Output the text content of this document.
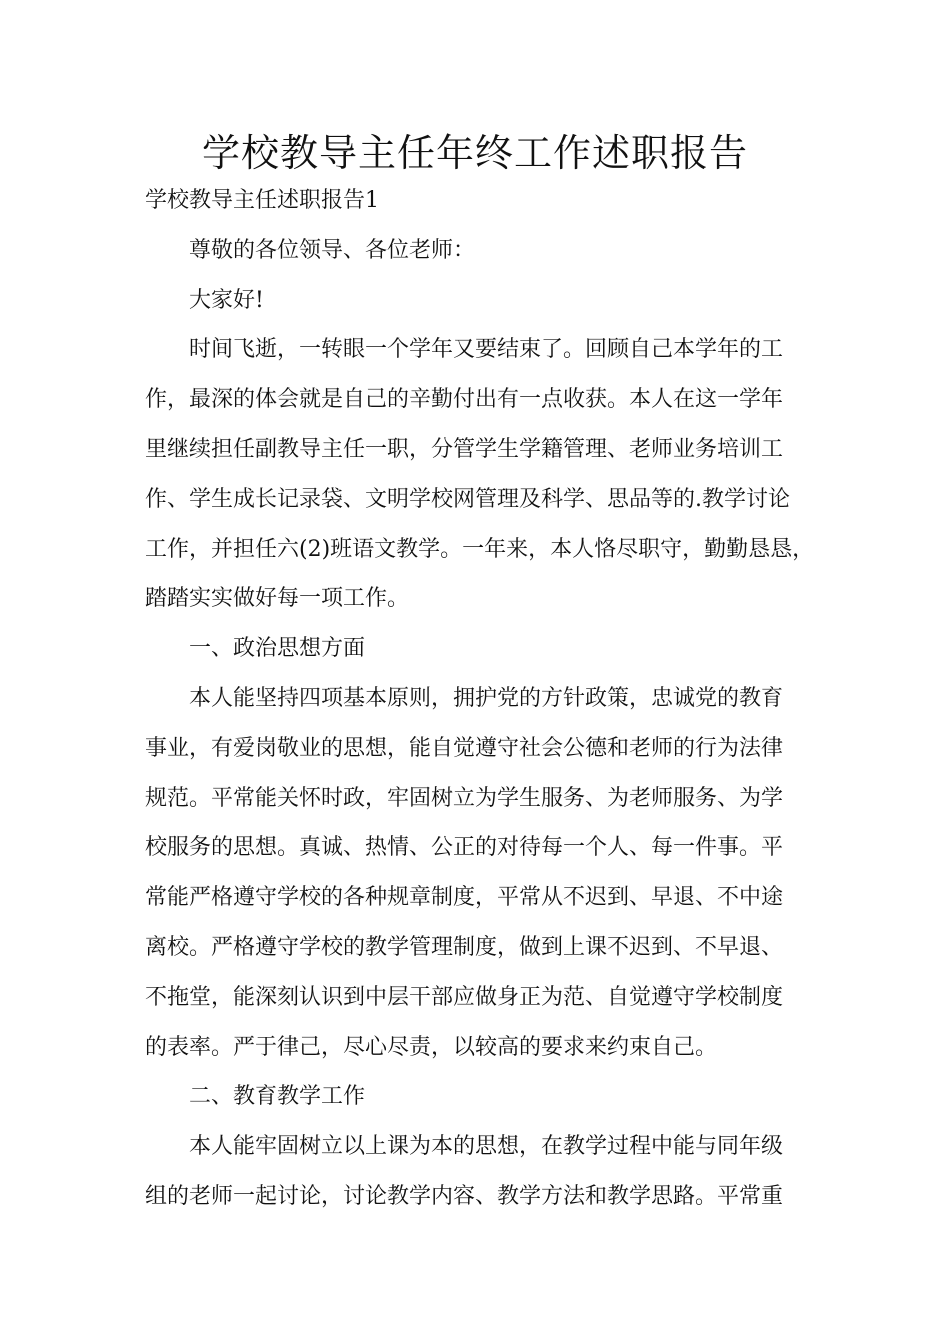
学校教导主任年终工作述职报告

学校教导主任述职报告1

尊敬的各位领导、各位老师：

大家好!

时间飞逝，一转眼一个学年又要结束了。回顾自己本学年的工

作，最深的体会就是自己的辛勤付出有一点收获。本人在这一学年

里继续担任副教导主任一职，分管学生学籍管理、老师业务培训工

作、学生成长记录袋、文明学校网管理及科学、思品等的.教学讨论

工作，并担任六(2)班语文教学。一年来，本人恪尽职守，勤勤恳恳，

踏踏实实做好每一项工作。

一、政治思想方面

本人能坚持四项基本原则，拥护党的方针政策，忠诚党的教育

事业，有爱岗敬业的思想，能自觉遵守社会公德和老师的行为法律

规范。平常能关怀时政，牢固树立为学生服务、为老师服务、为学

校服务的思想。真诚、热情、公正的对待每一个人、每一件事。平

常能严格遵守学校的各种规章制度，平常从不迟到、早退、不中途

离校。严格遵守学校的教学管理制度，做到上课不迟到、不早退、

不拖堂，能深刻认识到中层干部应做身正为范、自觉遵守学校制度

的表率。严于律己，尽心尽责，以较高的要求来约束自己。

二、教育教学工作

本人能牢固树立以上课为本的思想，在教学过程中能与同年级

组的老师一起讨论，讨论教学内容、教学方法和教学思路。平常重
